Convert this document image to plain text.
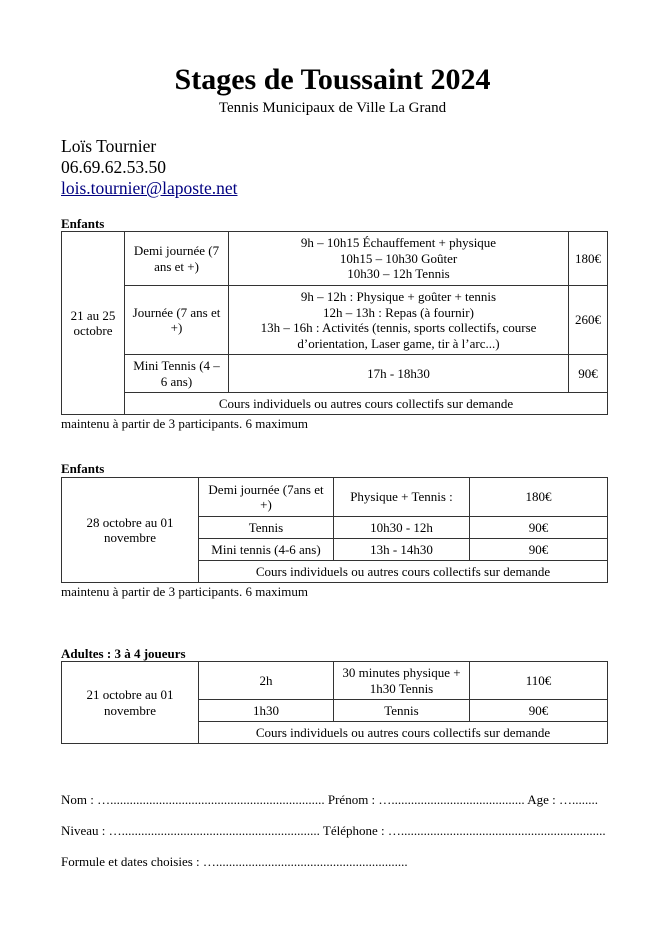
Stages de Toussaint 2024
Tennis Municipaux de Ville La Grand
Loïs Tournier
06.69.62.53.50
lois.tournier@laposte.net
Enfants
21 au 25 octobre	Demi journée (7 ans et +)	9h – 10h15 Échauffement + physique
10h15 – 10h30 Goûter
10h30 – 12h Tennis	180€
	Journée (7 ans et +)	9h – 12h : Physique + goûter + tennis
12h – 13h : Repas (à fournir)
13h – 16h : Activités (tennis, sports collectifs, course d’orientation, Laser game, tir à l’arc...)	260€
	Mini Tennis (4 – 6 ans)	17h - 18h30	90€
	Cours individuels ou autres cours collectifs sur demande		
maintenu à partir de 3 participants. 6 maximum
Enfants
28 octobre au 01 novembre	Demi journée (7ans et +)	Physique + Tennis :	180€
	Tennis	10h30 - 12h	90€
	Mini tennis (4-6 ans)	13h - 14h30	90€
	Cours individuels ou autres cours collectifs sur demande		
maintenu à partir de 3 participants. 6 maximum
Adultes : 3 à 4 joueurs
21 octobre au 01 novembre	2h	30 minutes physique + 1h30 Tennis	110€
	1h30	Tennis	90€
	Cours individuels ou autres cours collectifs sur demande		
Nom : ….................................................................. Prénom : …......................................... Age : …........
Niveau : …............................................................. Téléphone : …...............................................................
Formule et dates choisies : …...........................................................
